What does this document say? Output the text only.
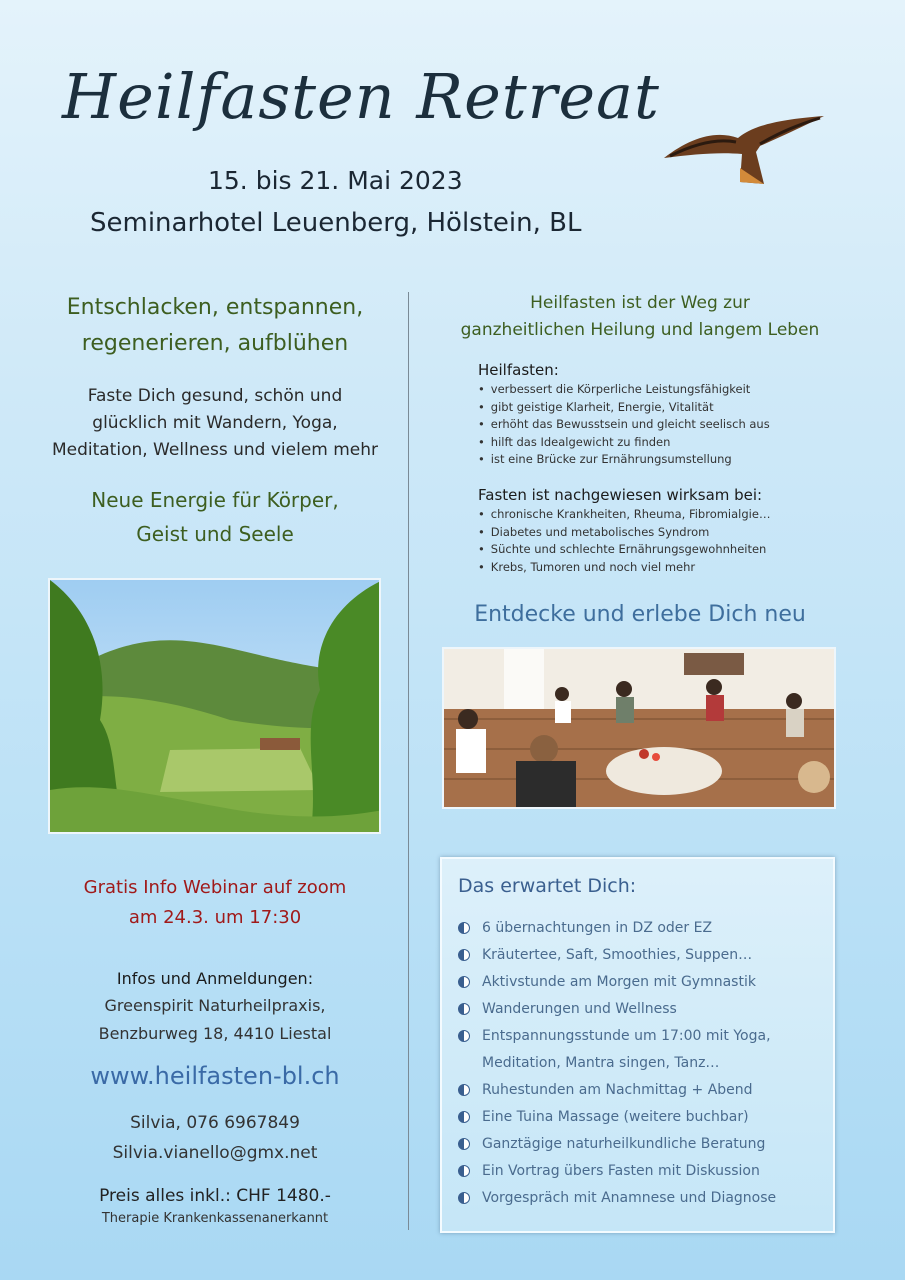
Heilfasten Retreat
15. bis 21. Mai 2023
Seminarhotel Leuenberg, Hölstein, BL
Entschlacken, entspannen,
regenerieren, aufblühen
Faste Dich gesund, schön und
glücklich mit Wandern, Yoga,
Meditation, Wellness und vielem mehr
Neue Energie für Körper,
Geist und Seele
Gratis Info Webinar auf zoom
am 24.3. um 17:30
Infos und Anmeldungen:
Greenspirit Naturheilpraxis,
Benzburweg 18, 4410 Liestal
www.heilfasten-bl.ch
Silvia, 076 6967849
Silvia.vianello@gmx.net
Preis alles inkl.: CHF 1480.-
Therapie Krankenkassenanerkannt
Heilfasten ist der Weg zur
ganzheitlichen Heilung und langem Leben
Heilfasten:
• verbessert die Körperliche Leistungsfähigkeit
• gibt geistige Klarheit, Energie, Vitalität
• erhöht das Bewusstsein und gleicht seelisch aus
• hilft das Idealgewicht zu finden
• ist eine Brücke zur Ernährungsumstellung
Fasten ist nachgewiesen wirksam bei:
• chronische Krankheiten, Rheuma, Fibromialgie…
• Diabetes und metabolisches Syndrom
• Süchte und schlechte Ernährungsgewohnheiten
• Krebs, Tumoren und noch viel mehr
Entdecke und erlebe Dich neu
Das erwartet Dich:
6 übernachtungen in DZ oder EZ
Kräutertee, Saft, Smoothies, Suppen…
Aktivstunde am Morgen mit Gymnastik
Wanderungen und Wellness
Entspannungsstunde um 17:00 mit Yoga,
Meditation, Mantra singen, Tanz…
Ruhestunden am Nachmittag + Abend
Eine Tuina Massage (weitere buchbar)
Ganztägige naturheilkundliche Beratung
Ein Vortrag übers Fasten mit Diskussion
Vorgespräch mit Anamnese und Diagnose
